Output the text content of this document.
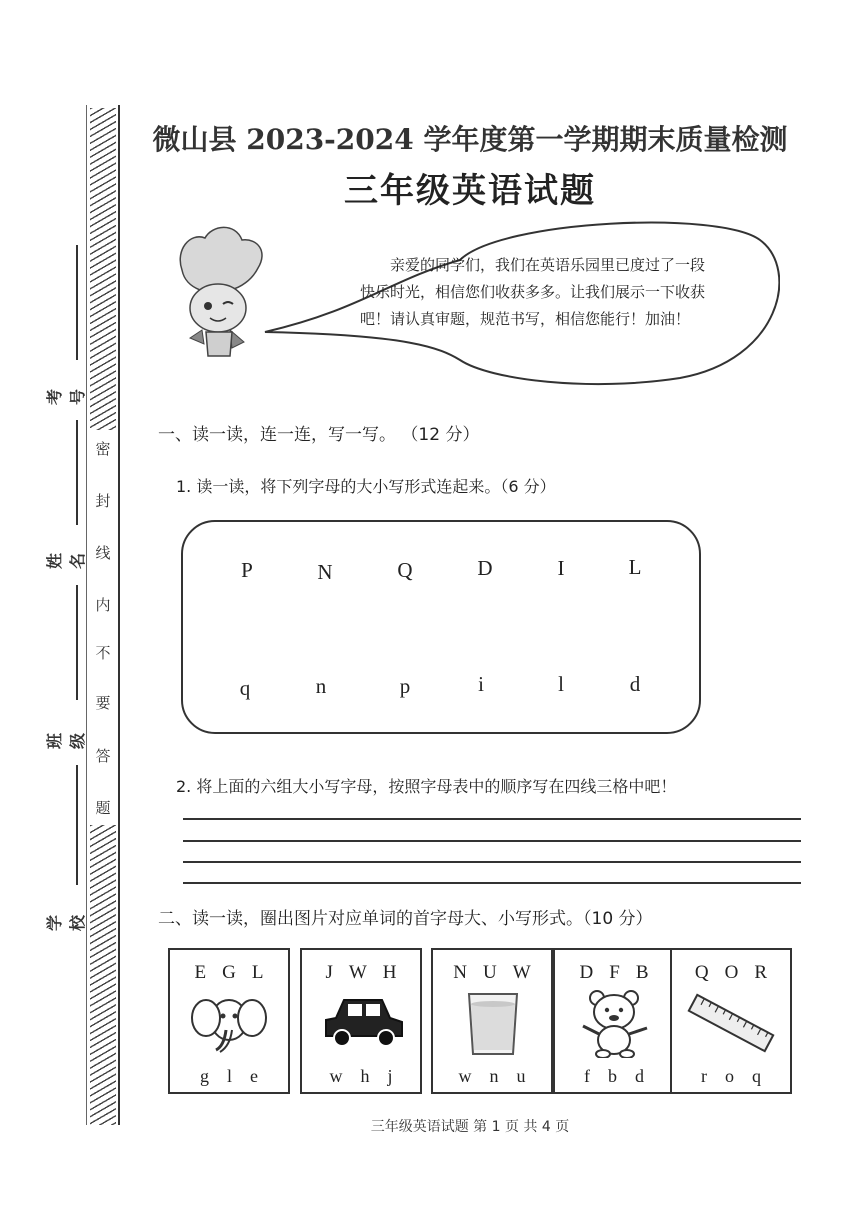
考号
姓名
班级
学校
密
封
线
内
不
要
答
题
微山县 2023-2024 学年度第一学期期末质量检测
三年级英语试题
亲爱的同学们，我们在英语乐园里已度过了一段快乐时光，相信您们收获多多。让我们展示一下收获吧！请认真审题，规范书写，相信您能行！加油！
一、读一读，连一连，写一写。 （12 分）
1. 读一读，将下列字母的大小写形式连起来。（6 分）
P	N	Q	D	I	L
q	n	p	i	l	d
2. 将上面的六组大小写字母，按照字母表中的顺序写在四线三格中吧！
二、读一读，圈出图片对应单词的首字母大、小写形式。（10 分）
E G L
g l e
J W H
w h j
N U W
w n u
D F B
f b d
Q O R
r o q
三年级英语试题 第 1 页 共 4 页
